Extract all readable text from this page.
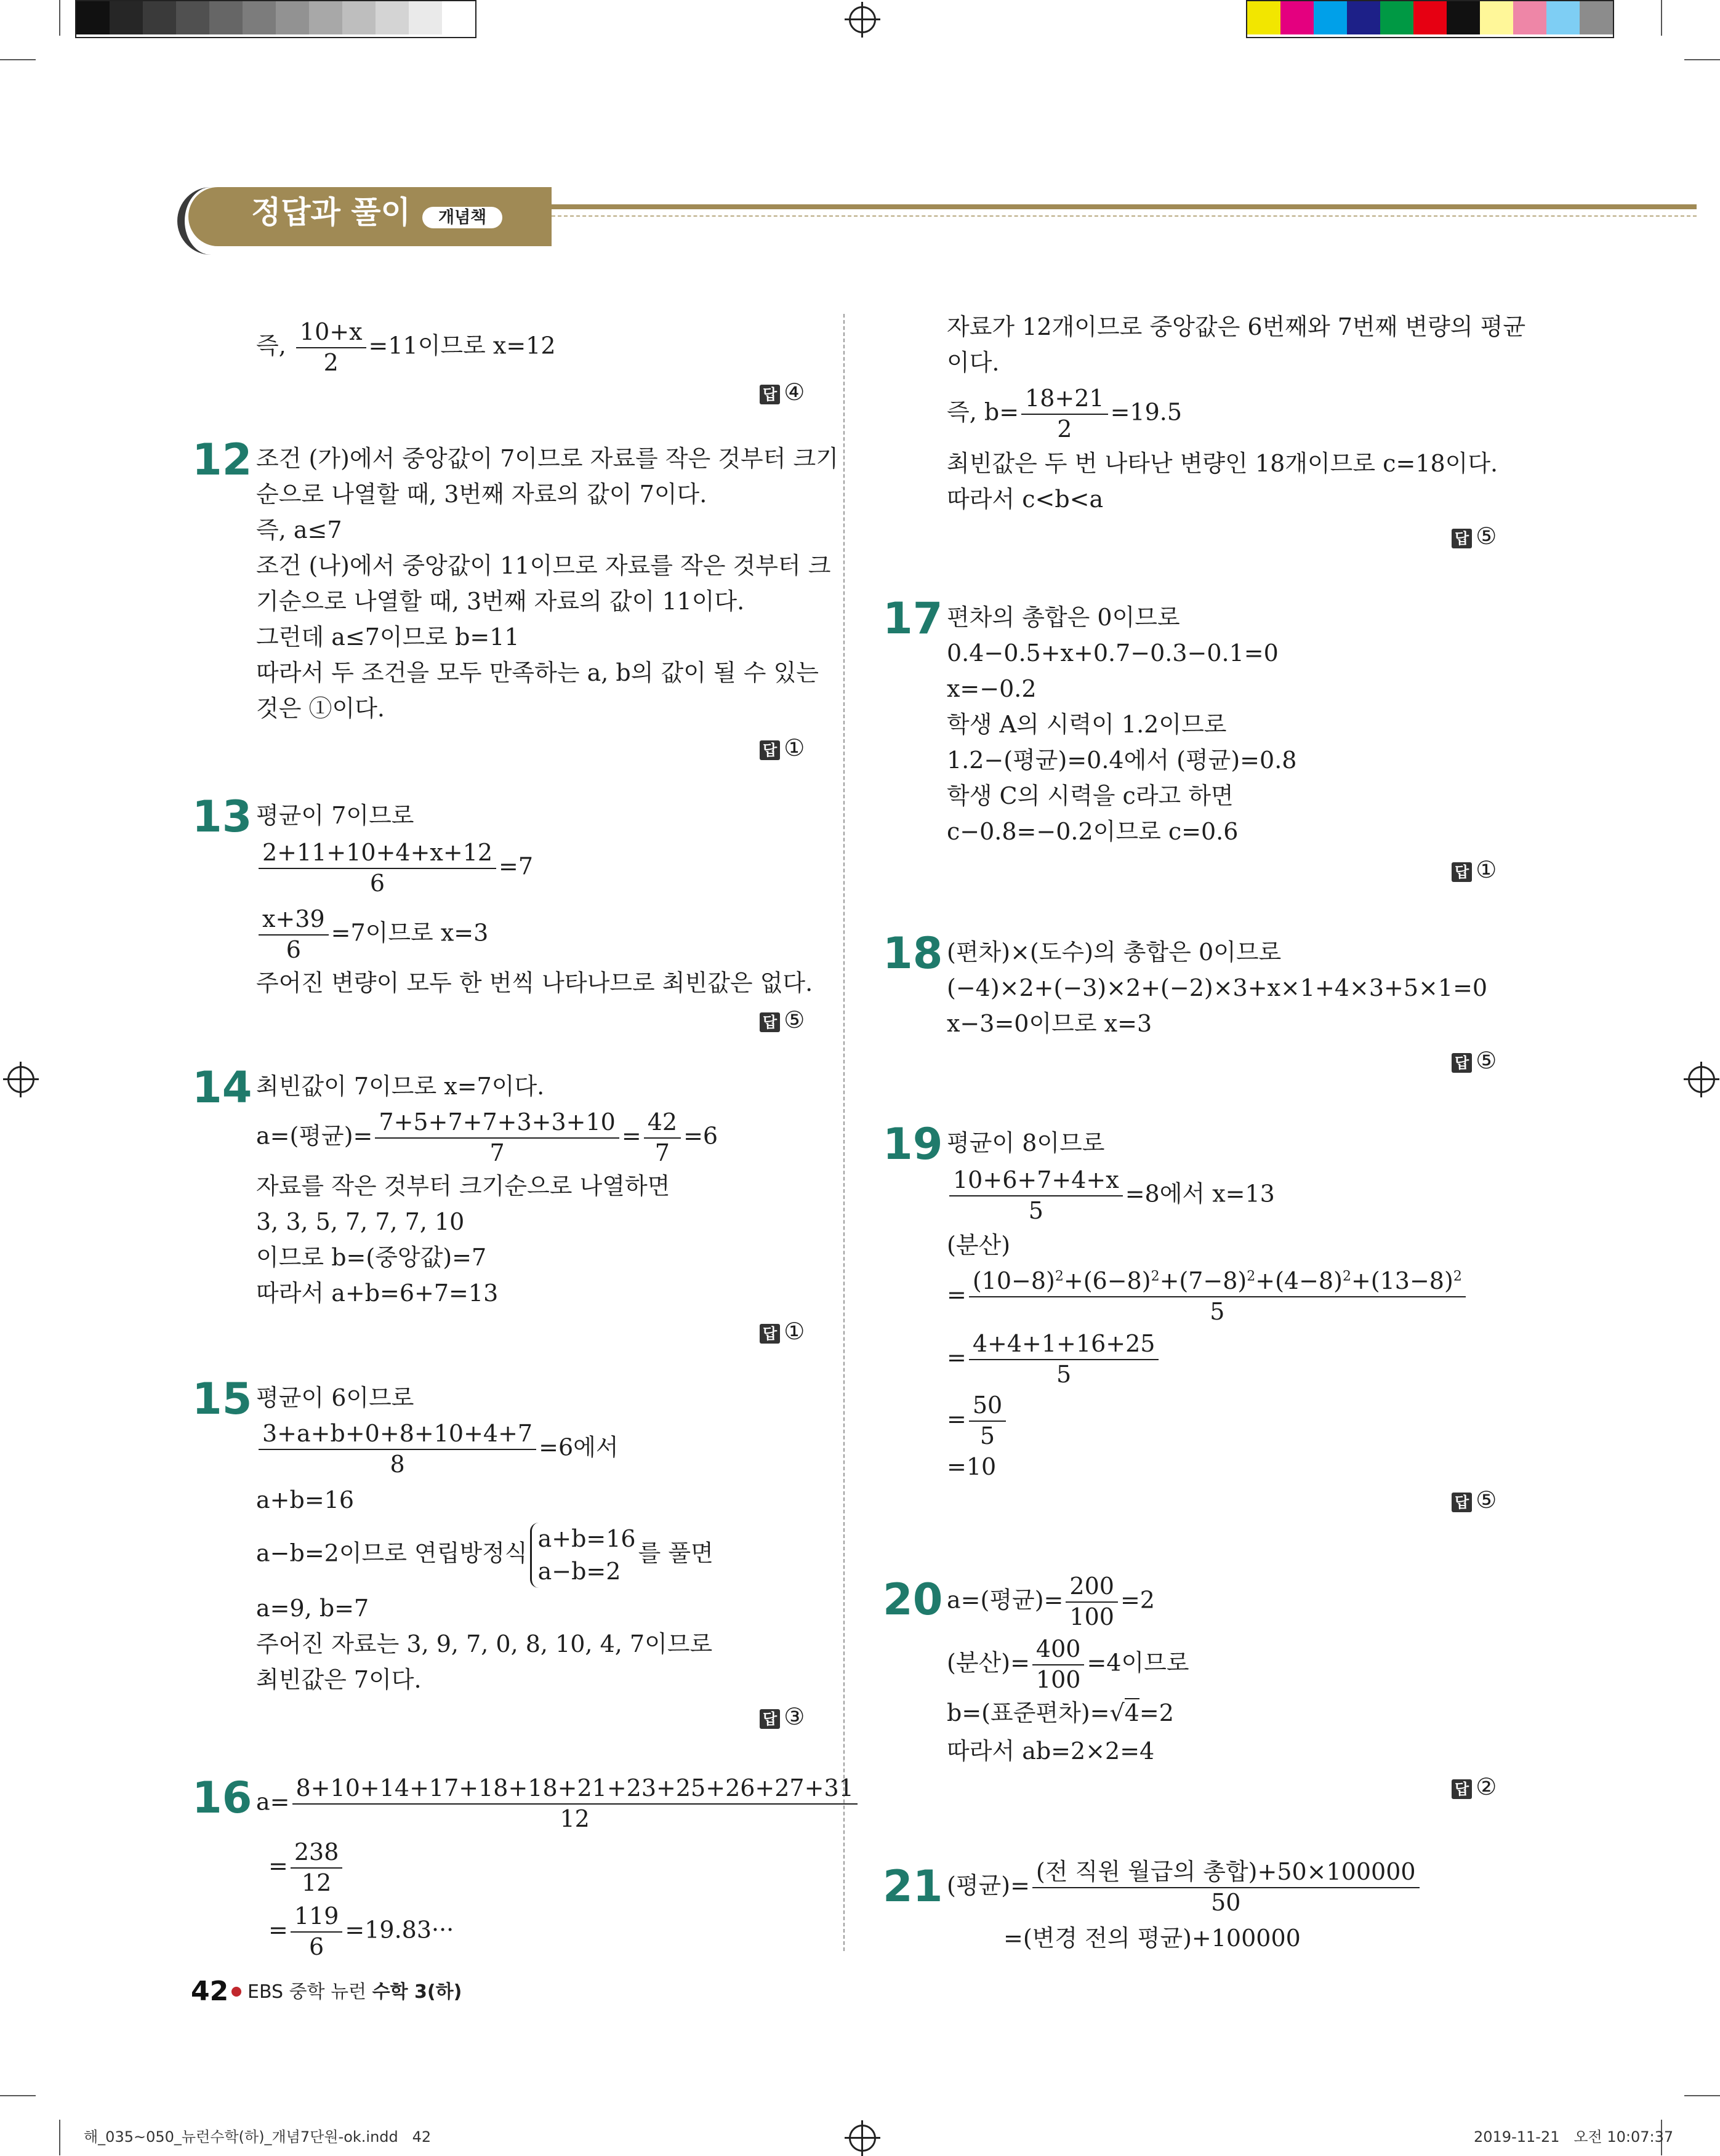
정답과 풀이	개념책
즉, $\frac{10+x}{2} =11$이므로 x=12
답 ④
12 조건 (가)에서 중앙값이 7이므로 자료를 작은 것부터 크기
순으로 나열할 때, 3번째 자료의 값이 7이다.
즉, a≤7
조건 (나)에서 중앙값이 11이므로 자료를 작은 것부터 크
기순으로 나열할 때, 3번째 자료의 값이 11이다.
그런데 a≤7이므로 b=11
따라서 두 조건을 모두 만족하는 a, b의 값이 될 수 있는
것은 ①이다.
답 ①
13 평균이 7이므로
$\frac{2+11+10+4+x+12}{6} =7$
$\frac{x+39}{6} =7$이므로 x=3
주어진 변량이 모두 한 번씩 나타나므로 최빈값은 없다.
답 ⑤
14 최빈값이 7이므로 x=7이다.
a=(평균)= $\frac{7+5+7+7+3+3+10}{7} = \frac{42}{7} =6$
자료를 작은 것부터 크기순으로 나열하면
3, 3, 5, 7, 7, 7, 10
이므로 b=(중앙값)=7
따라서 a+b=6+7=13
답 ①
15 평균이 6이므로
$\frac{3+a+b+0+8+10+4+7}{8} =6$에서
a+b=16
a−b=2이므로 연립방정식
a+b=16
a−b=2
를 풀면
a=9, b=7
주어진 자료는 3, 9, 7, 0, 8, 10, 4, 7이므로
최빈값은 7이다.
답 ③
16 $a= \frac{8+10+14+17+18+18+21+23+25+26+27+31}{12}$
= $\frac{238}{12}$
= $\frac{119}{6} =19.83\cdot\cdot\cdot$
자료가 12개이므로 중앙값은 6번째와 7번째 변량의 평균
이다.
즉, $b= \frac{18+21}{2} =19.5$
최빈값은 두 번 나타난 변량인 18개이므로 c=18이다.
따라서 c<b<a
답 ⑤
17 편차의 총합은 0이므로
0.4−0.5+x+0.7−0.3−0.1=0
x=−0.2
학생 A의 시력이 1.2이므로
1.2−(평균)=0.4에서 (평균)=0.8
학생 C의 시력을 c라고 하면
c−0.8=−0.2이므로 c=0.6
답 ①
18 (편차)×(도수)의 총합은 0이므로
(−4)×2+(−3)×2+(−2)×3+x×1+4×3+5×1=0
x−3=0이므로 x=3
답 ⑤
19 평균이 8이므로
$\frac{10+6+7+4+x}{5} =8$에서 x=13
(분산)
= $\frac{(10-8)^2+(6-8)^2+(7-8)^2+(4-8)^2+(13-8)^2}{5}$
= $\frac{4+4+1+16+25}{5}$
= $\frac{50}{5}$
=10
답 ⑤
20 a=(평균)= $\frac{200}{100} =2$
(분산)= $\frac{400}{100} =4$이므로
b=(표준편차)=√4=2
따라서 ab=2×2=4
답 ②
21 (평균)= $\frac{\text{(전 직원 월급의 총합)+50×100000}}{50}$
=(변경 전의 평균)+100000
42 EBS 중학 뉴런 수학 3(하)
해_035~050_뉴런수학(하)_개념7단원-ok.indd   42	2019-11-21   오전 10:07:37
